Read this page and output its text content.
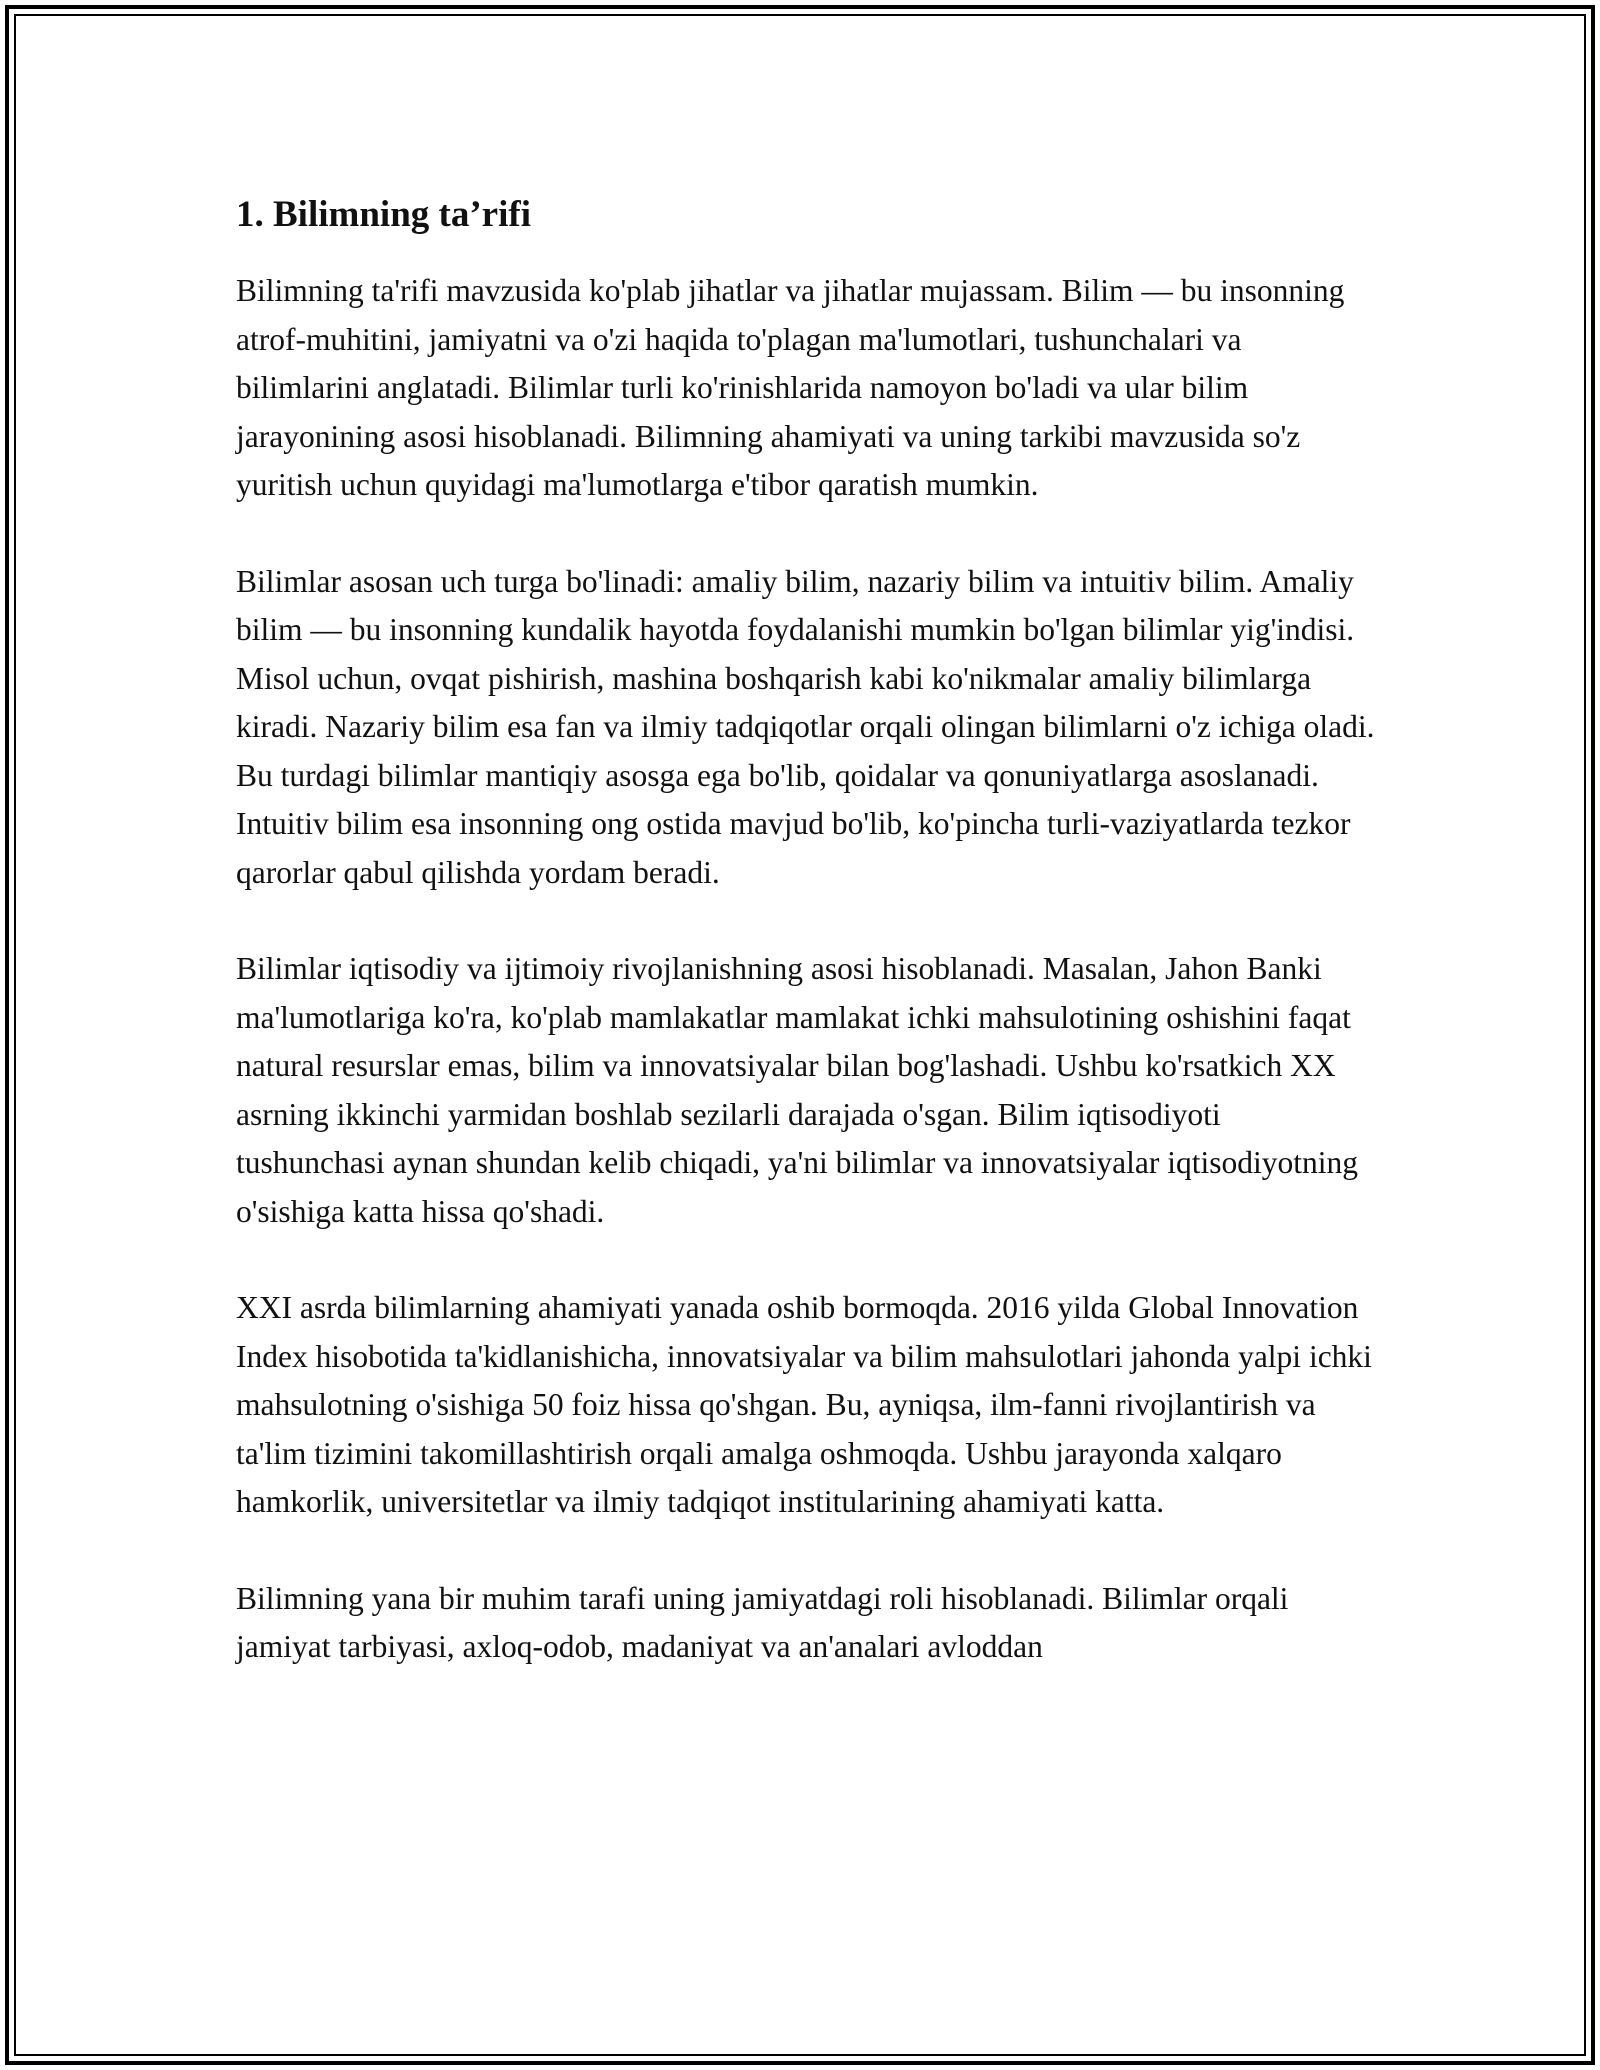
1. Bilimning ta’rifi

Bilimning ta'rifi mavzusida ko'plab jihatlar va jihatlar mujassam. Bilim — bu insonning atrof-muhitini, jamiyatni va o'zi haqida to'plagan ma'lumotlari, tushunchalari va bilimlarini anglatadi. Bilimlar turli ko'rinishlarida namoyon bo'ladi va ular bilim jarayonining asosi hisoblanadi. Bilimning ahamiyati va uning tarkibi mavzusida so'z yuritish uchun quyidagi ma'lumotlarga e'tibor qaratish mumkin.

Bilimlar asosan uch turga bo'linadi: amaliy bilim, nazariy bilim va intuitiv bilim. Amaliy bilim — bu insonning kundalik hayotda foydalanishi mumkin bo'lgan bilimlar yig'indisi. Misol uchun, ovqat pishirish, mashina boshqarish kabi ko'nikmalar amaliy bilimlarga kiradi. Nazariy bilim esa fan va ilmiy tadqiqotlar orqali olingan bilimlarni o'z ichiga oladi. Bu turdagi bilimlar mantiqiy asosga ega bo'lib, qoidalar va qonuniyatlarga asoslanadi. Intuitiv bilim esa insonning ong ostida mavjud bo'lib, ko'pincha turli-vaziyatlarda tezkor qarorlar qabul qilishda yordam beradi.

Bilimlar iqtisodiy va ijtimoiy rivojlanishning asosi hisoblanadi. Masalan, Jahon Banki ma'lumotlariga ko'ra, ko'plab mamlakatlar mamlakat ichki mahsulotining oshishini faqat natural resurslar emas, bilim va innovatsiyalar bilan bog'lashadi. Ushbu ko'rsatkich XX asrning ikkinchi yarmidan boshlab sezilarli darajada o'sgan. Bilim iqtisodiyoti tushunchasi aynan shundan kelib chiqadi, ya'ni bilimlar va innovatsiyalar iqtisodiyotning o'sishiga katta hissa qo'shadi.

XXI asrda bilimlarning ahamiyati yanada oshib bormoqda. 2016 yilda Global Innovation Index hisobotida ta'kidlanishicha, innovatsiyalar va bilim mahsulotlari jahonda yalpi ichki mahsulotning o'sishiga 50 foiz hissa qo'shgan. Bu, ayniqsa, ilm-fanni rivojlantirish va ta'lim tizimini takomillashtirish orqali amalga oshmoqda. Ushbu jarayonda xalqaro hamkorlik, universitetlar va ilmiy tadqiqot institularining ahamiyati katta.

Bilimning yana bir muhim tarafi uning jamiyatdagi roli hisoblanadi. Bilimlar orqali jamiyat tarbiyasi, axloq-odob, madaniyat va an'analari avloddan
